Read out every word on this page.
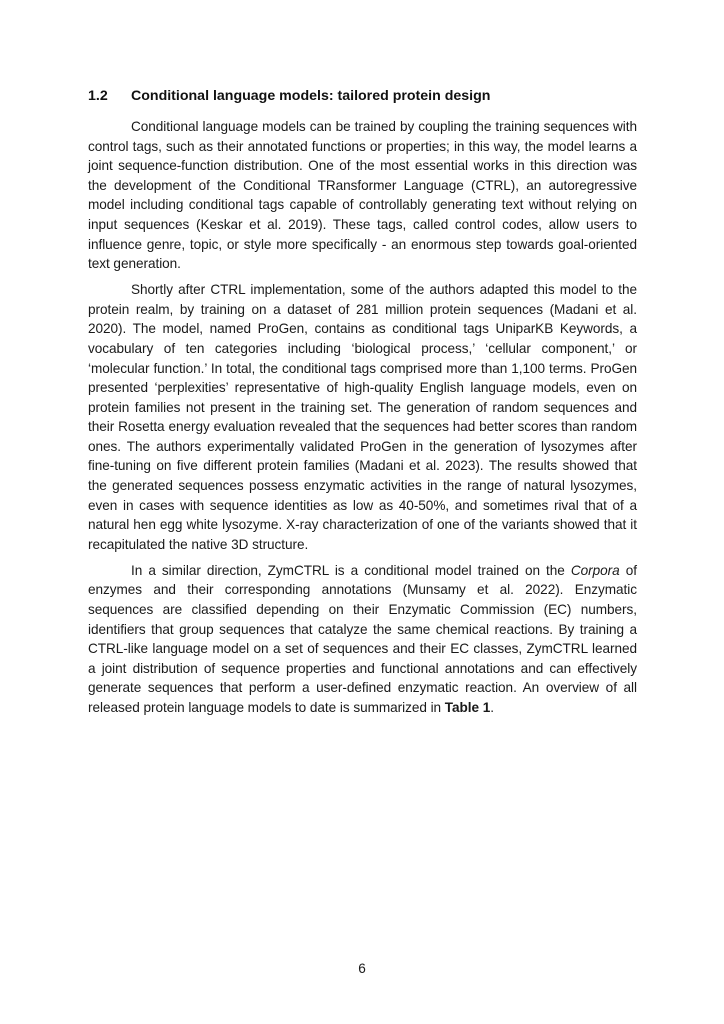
1.2	Conditional language models: tailored protein design

Conditional language models can be trained by coupling the training sequences with control tags, such as their annotated functions or properties; in this way, the model learns a joint sequence-function distribution. One of the most essential works in this direction was the development of the Conditional TRansformer Language (CTRL), an autoregressive model including conditional tags capable of controllably generating text without relying on input sequences (Keskar et al. 2019). These tags, called control codes, allow users to influence genre, topic, or style more specifically - an enormous step towards goal-oriented text generation.

Shortly after CTRL implementation, some of the authors adapted this model to the protein realm, by training on a dataset of 281 million protein sequences (Madani et al. 2020). The model, named ProGen, contains as conditional tags UniparKB Keywords, a vocabulary of ten categories including ‘biological process,’ ‘cellular component,’ or ‘molecular function.’ In total, the conditional tags comprised more than 1,100 terms. ProGen presented ‘perplexities’ representative of high-quality English language models, even on protein families not present in the training set. The generation of random sequences and their Rosetta energy evaluation revealed that the sequences had better scores than random ones. The authors experimentally validated ProGen in the generation of lysozymes after fine-tuning on five different protein families (Madani et al. 2023). The results showed that the generated sequences possess enzymatic activities in the range of natural lysozymes, even in cases with sequence identities as low as 40-50%, and sometimes rival that of a natural hen egg white lysozyme. X-ray characterization of one of the variants showed that it recapitulated the native 3D structure.

In a similar direction, ZymCTRL is a conditional model trained on the Corpora of enzymes and their corresponding annotations (Munsamy et al. 2022). Enzymatic sequences are classified depending on their Enzymatic Commission (EC) numbers, identifiers that group sequences that catalyze the same chemical reactions. By training a CTRL-like language model on a set of sequences and their EC classes, ZymCTRL learned a joint distribution of sequence properties and functional annotations and can effectively generate sequences that perform a user-defined enzymatic reaction. An overview of all released protein language models to date is summarized in Table 1.

6
